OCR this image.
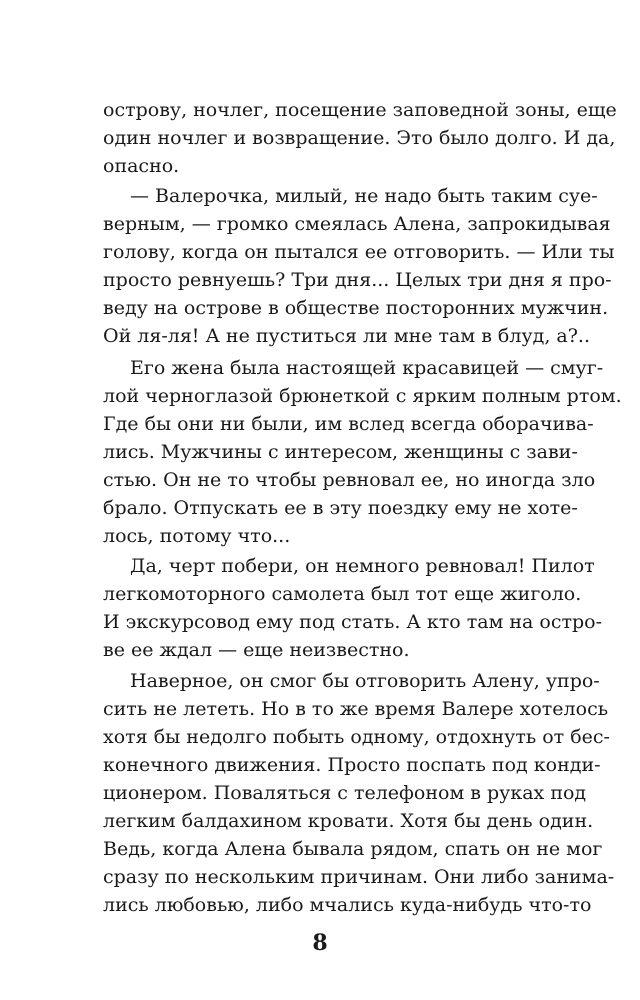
острову, ночлег, посещение заповедной зоны, еще
один ночлег и возвращение. Это было долго. И да,
опасно.
— Валерочка, милый, не надо быть таким суе-
верным, — громко смеялась Алена, запрокидывая
голову, когда он пытался ее отговорить. — Или ты
просто ревнуешь? Три дня... Целых три дня я про-
веду на острове в обществе посторонних мужчин.
Ой ля-ля! А не пуститься ли мне там в блуд, а?..
Его жена была настоящей красавицей — смуг-
лой черноглазой брюнеткой с ярким полным ртом.
Где бы они ни были, им вслед всегда оборачива-
лись. Мужчины с интересом, женщины с зави-
стью. Он не то чтобы ревновал ее, но иногда зло
брало. Отпускать ее в эту поездку ему не хоте-
лось, потому что...
Да, черт побери, он немного ревновал! Пилот
легкомоторного самолета был тот еще жиголо.
И экскурсовод ему под стать. А кто там на остро-
ве ее ждал — еще неизвестно.
Наверное, он смог бы отговорить Алену, упро-
сить не лететь. Но в то же время Валере хотелось
хотя бы недолго побыть одному, отдохнуть от бес-
конечного движения. Просто поспать под конди-
ционером. Поваляться с телефоном в руках под
легким балдахином кровати. Хотя бы день один.
Ведь, когда Алена бывала рядом, спать он не мог
сразу по нескольким причинам. Они либо занима-
лись любовью, либо мчались куда-нибудь что-то
8
